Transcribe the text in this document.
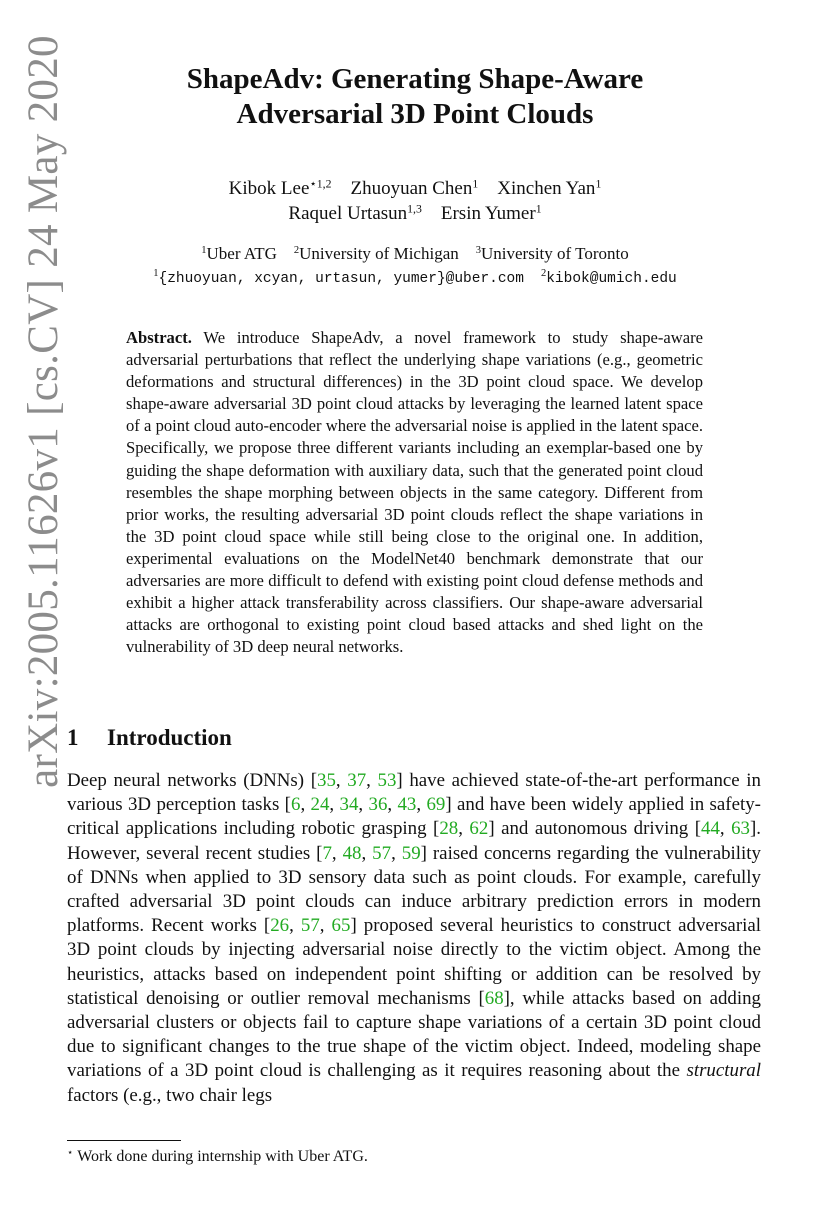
arXiv:2005.11626v1 [cs.CV] 24 May 2020	ShapeAdv: Generating Shape-Aware
Adversarial 3D Point Clouds
Kibok Lee$^{⋆1,2}$ Zhuoyuan Chen$^1$ Xinchen Yan$^1$
Raquel Urtasun$^{1,3}$ Ersin Yumer$^1$
$^1$Uber ATG $^2$University of Michigan $^3$University of Toronto
$^1${zhuoyuan, xcyan, urtasun, yumer}@uber.com $^2$kibok@umich.edu
Abstract. We introduce ShapeAdv, a novel framework to study shape-aware adversarial perturbations that reflect the underlying shape variations (e.g., geometric deformations and structural differences) in the 3D point cloud space. We develop shape-aware adversarial 3D point cloud attacks by leveraging the learned latent space of a point cloud auto-encoder where the adversarial noise is applied in the latent space. Specifically, we propose three different variants including an exemplar-based one by guiding the shape deformation with auxiliary data, such that the generated point cloud resembles the shape morphing between objects in the same category. Different from prior works, the resulting adversarial 3D point clouds reflect the shape variations in the 3D point cloud space while still being close to the original one. In addition, experimental evaluations on the ModelNet40 benchmark demonstrate that our adversaries are more difficult to defend with existing point cloud defense methods and exhibit a higher attack transferability across classifiers. Our shape-aware adversarial attacks are orthogonal to existing point cloud based attacks and shed light on the vulnerability of 3D deep neural networks.
1 Introduction
Deep neural networks (DNNs) [35, 37, 53] have achieved state-of-the-art performance in various 3D perception tasks [6, 24, 34, 36, 43, 69] and have been widely applied in safety-critical applications including robotic grasping [28, 62] and autonomous driving [44, 63]. However, several recent studies [7, 48, 57, 59] raised concerns regarding the vulnerability of DNNs when applied to 3D sensory data such as point clouds. For example, carefully crafted adversarial 3D point clouds can induce arbitrary prediction errors in modern platforms. Recent works [26, 57, 65] proposed several heuristics to construct adversarial 3D point clouds by injecting adversarial noise directly to the victim object. Among the heuristics, attacks based on independent point shifting or addition can be resolved by statistical denoising or outlier removal mechanisms [68], while attacks based on adding adversarial clusters or objects fail to capture shape variations of a certain 3D point cloud due to significant changes to the true shape of the victim object. Indeed, modeling shape variations of a 3D point cloud is challenging as it requires reasoning about the structural factors (e.g., two chair legs
⋆ Work done during internship with Uber ATG.
